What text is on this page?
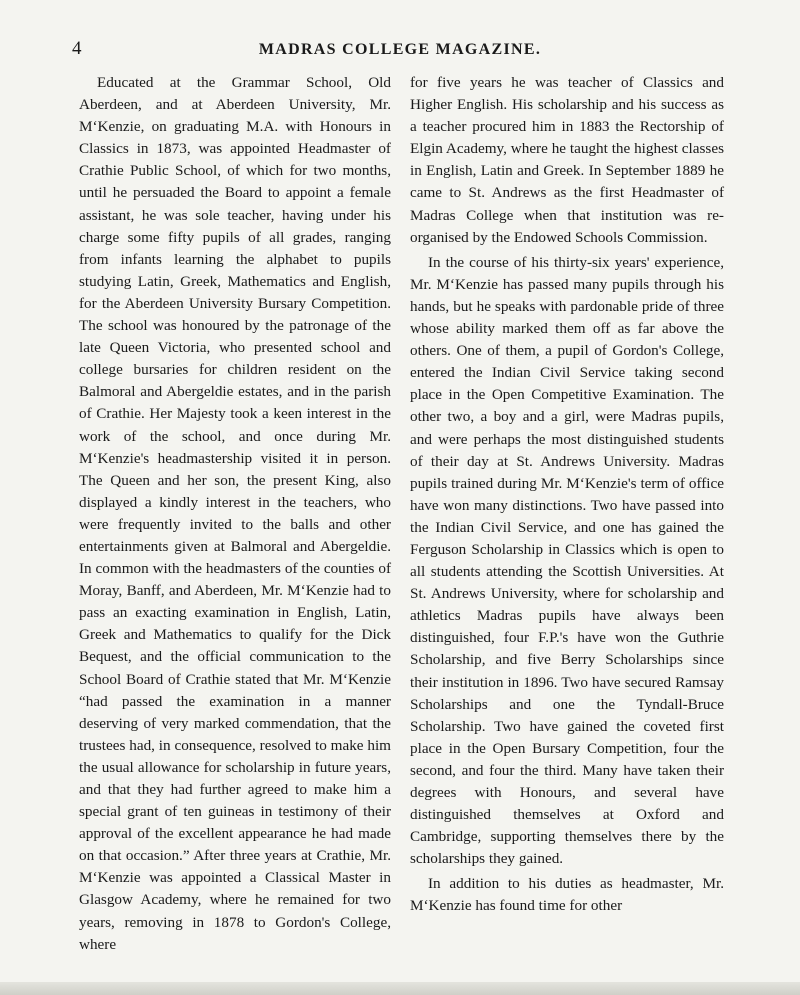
4	MADRAS COLLEGE MAGAZINE.

Educated at the Grammar School, Old Aberdeen, and at Aberdeen University, Mr. M‘Kenzie, on graduating M.A. with Honours in Classics in 1873, was appointed Headmaster of Crathie Public School, of which for two months, until he persuaded the Board to appoint a female assistant, he was sole teacher, having under his charge some fifty pupils of all grades, ranging from infants learning the alphabet to pupils studying Latin, Greek, Mathematics and English, for the Aberdeen University Bursary Competition. The school was honoured by the patronage of the late Queen Victoria, who presented school and college bursaries for children resident on the Balmoral and Abergeldie estates, and in the parish of Crathie. Her Majesty took a keen interest in the work of the school, and once during Mr. M‘Kenzie's headmastership visited it in person. The Queen and her son, the present King, also displayed a kindly interest in the teachers, who were frequently invited to the balls and other entertainments given at Balmoral and Abergeldie. In common with the headmasters of the counties of Moray, Banff, and Aberdeen, Mr. M‘Kenzie had to pass an exacting examination in English, Latin, Greek and Mathematics to qualify for the Dick Bequest, and the official communication to the School Board of Crathie stated that Mr. M‘Kenzie “had passed the examination in a manner deserving of very marked commendation, that the trustees had, in consequence, resolved to make him the usual allowance for scholarship in future years, and that they had further agreed to make him a special grant of ten guineas in testimony of their approval of the excellent appearance he had made on that occasion.” After three years at Crathie, Mr. M‘Kenzie was appointed a Classical Master in Glasgow Academy, where he remained for two years, removing in 1878 to Gordon's College, where

for five years he was teacher of Classics and Higher English. His scholarship and his success as a teacher procured him in 1883 the Rectorship of Elgin Academy, where he taught the highest classes in English, Latin and Greek. In September 1889 he came to St. Andrews as the first Headmaster of Madras College when that institution was re-organised by the Endowed Schools Commission.

In the course of his thirty-six years' experience, Mr. M‘Kenzie has passed many pupils through his hands, but he speaks with pardonable pride of three whose ability marked them off as far above the others. One of them, a pupil of Gordon's College, entered the Indian Civil Service taking second place in the Open Competitive Examination. The other two, a boy and a girl, were Madras pupils, and were perhaps the most distinguished students of their day at St. Andrews University. Madras pupils trained during Mr. M‘Kenzie's term of office have won many distinctions. Two have passed into the Indian Civil Service, and one has gained the Ferguson Scholarship in Classics which is open to all students attending the Scottish Universities. At St. Andrews University, where for scholarship and athletics Madras pupils have always been distinguished, four F.P.'s have won the Guthrie Scholarship, and five Berry Scholarships since their institution in 1896. Two have secured Ramsay Scholarships and one the Tyndall-Bruce Scholarship. Two have gained the coveted first place in the Open Bursary Competition, four the second, and four the third. Many have taken their degrees with Honours, and several have distinguished themselves at Oxford and Cambridge, supporting themselves there by the scholarships they gained.

In addition to his duties as headmaster, Mr. M‘Kenzie has found time for other
